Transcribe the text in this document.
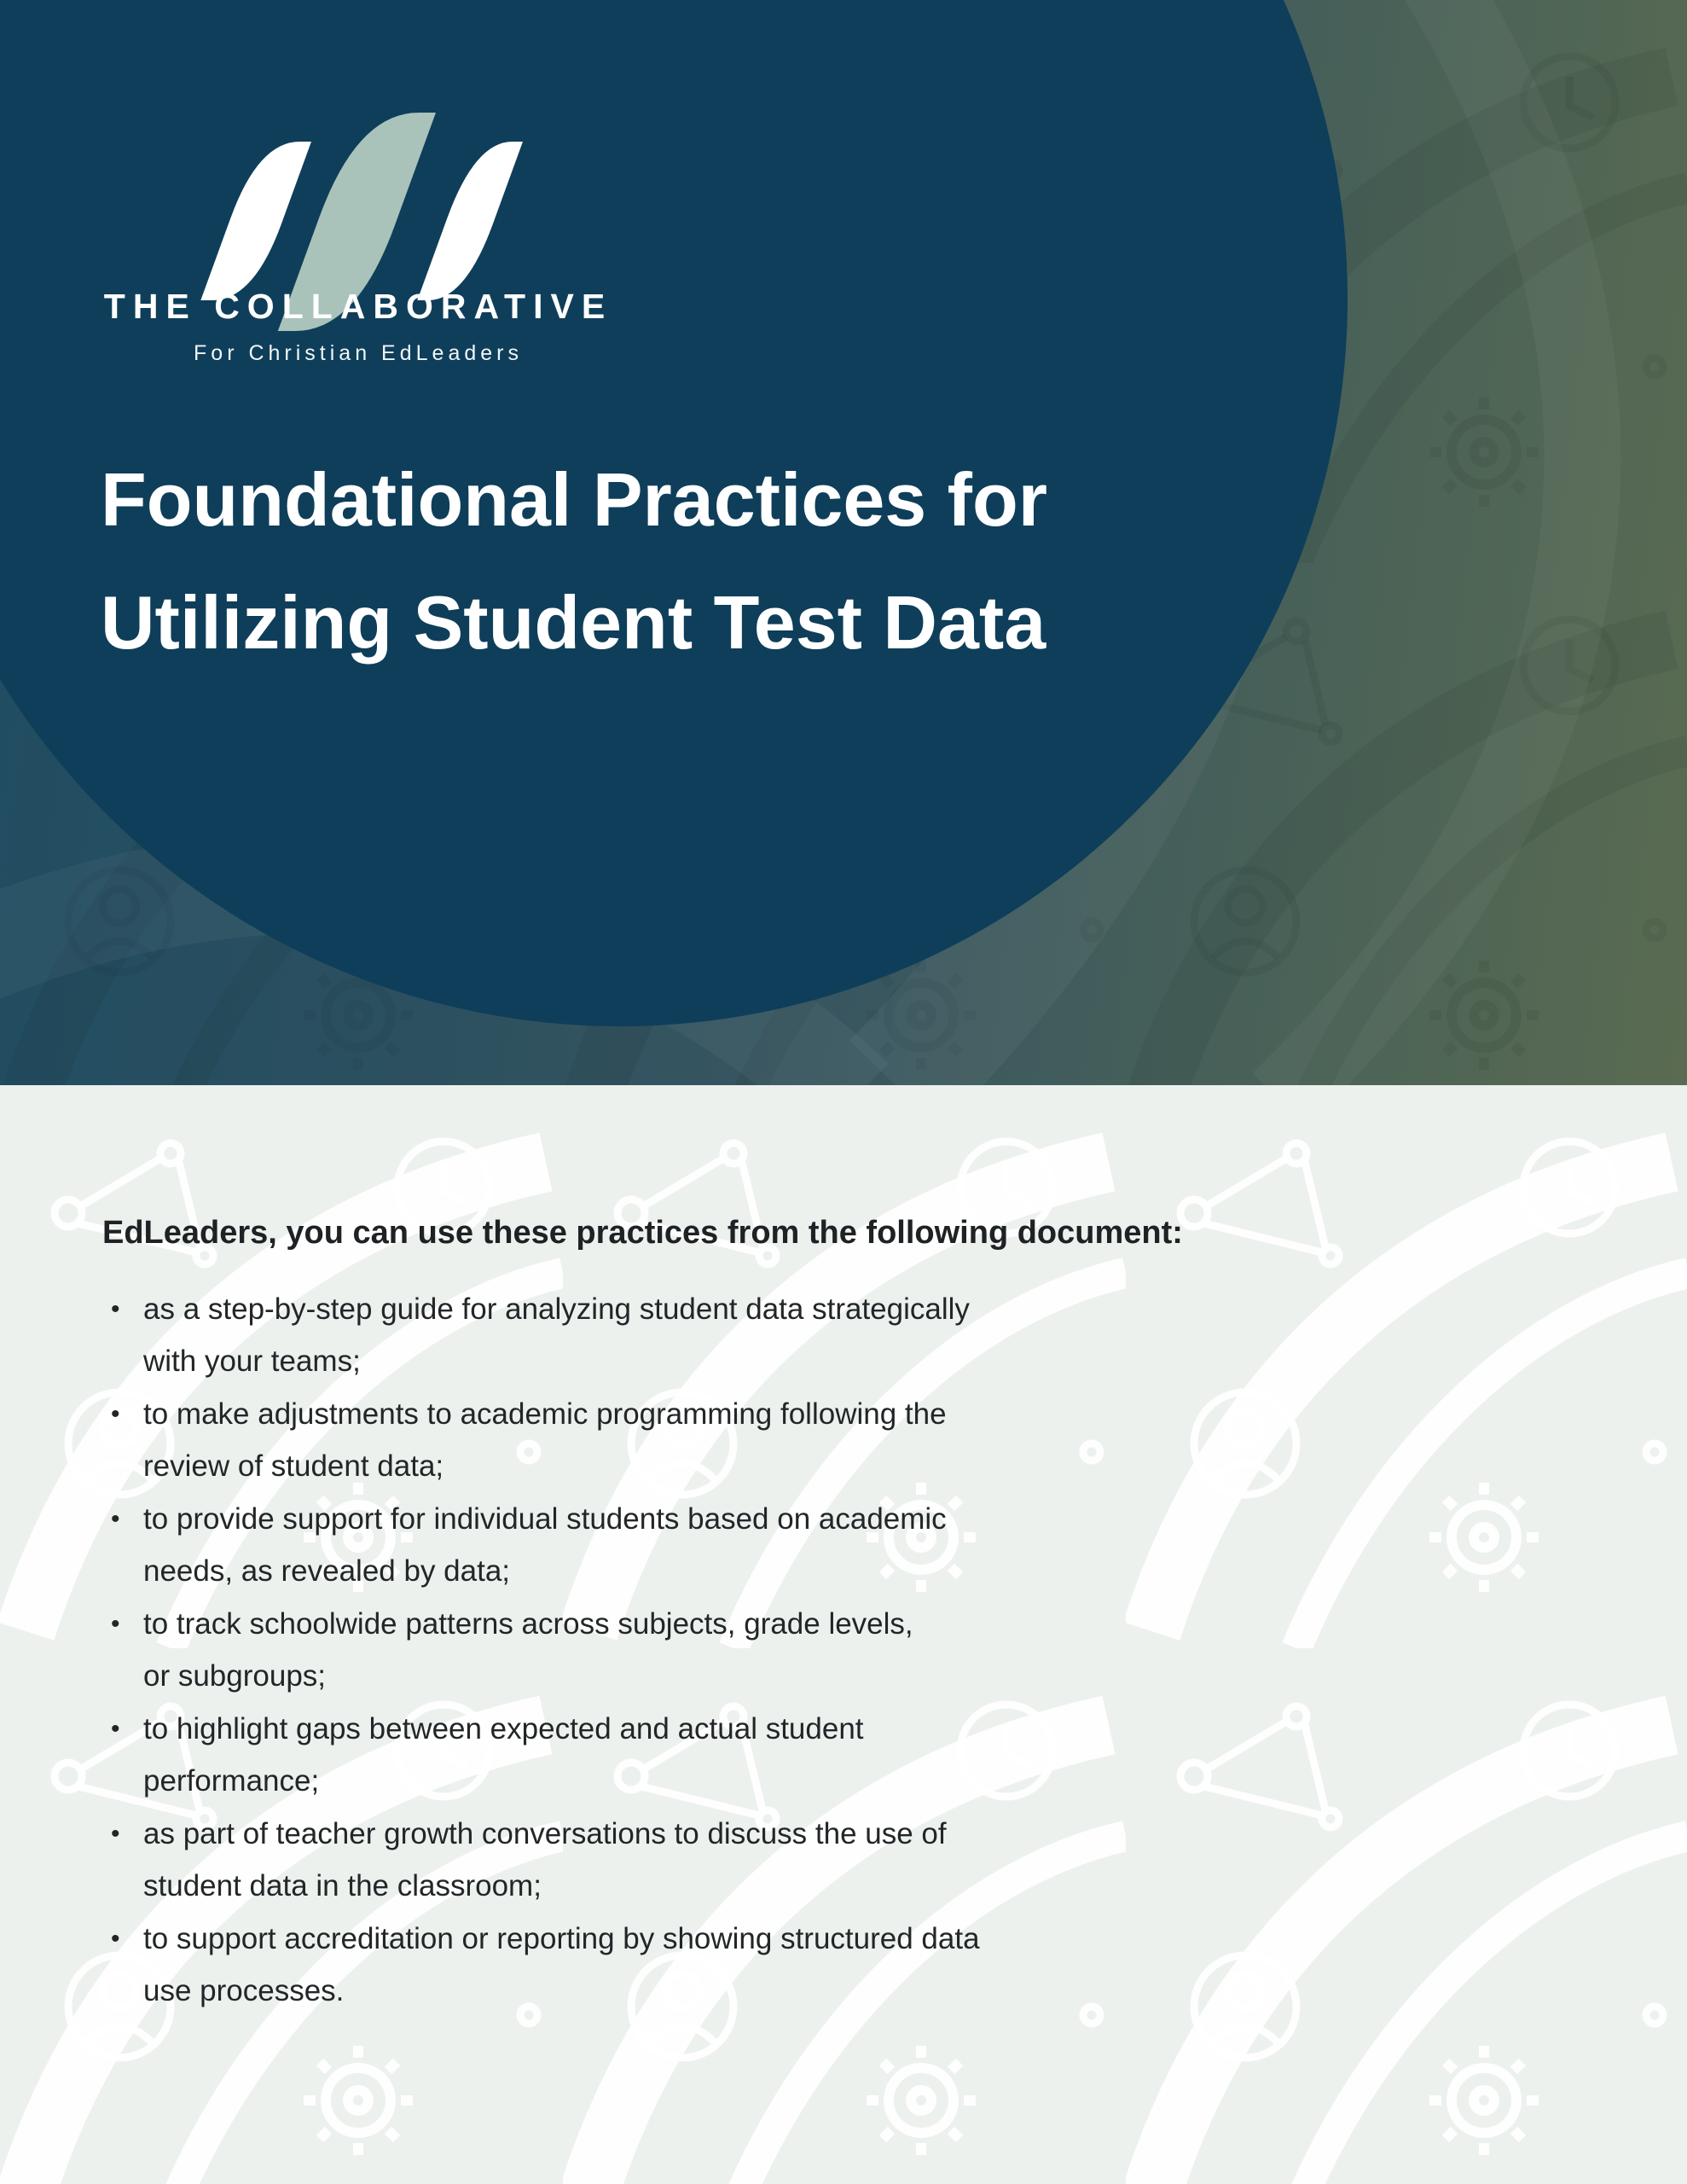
THE COLLABORATIVE
For Christian EdLeaders
Foundational Practices for
Utilizing Student Test Data
EdLeaders, you can use these practices from the following document:
• as a step-by-step guide for analyzing student data strategically
with your teams;
• to make adjustments to academic programming following the
review of student data;
• to provide support for individual students based on academic
needs, as revealed by data;
• to track schoolwide patterns across subjects, grade levels,
or subgroups;
• to highlight gaps between expected and actual student
performance;
• as part of teacher growth conversations to discuss the use of
student data in the classroom;
• to support accreditation or reporting by showing structured data
use processes.
